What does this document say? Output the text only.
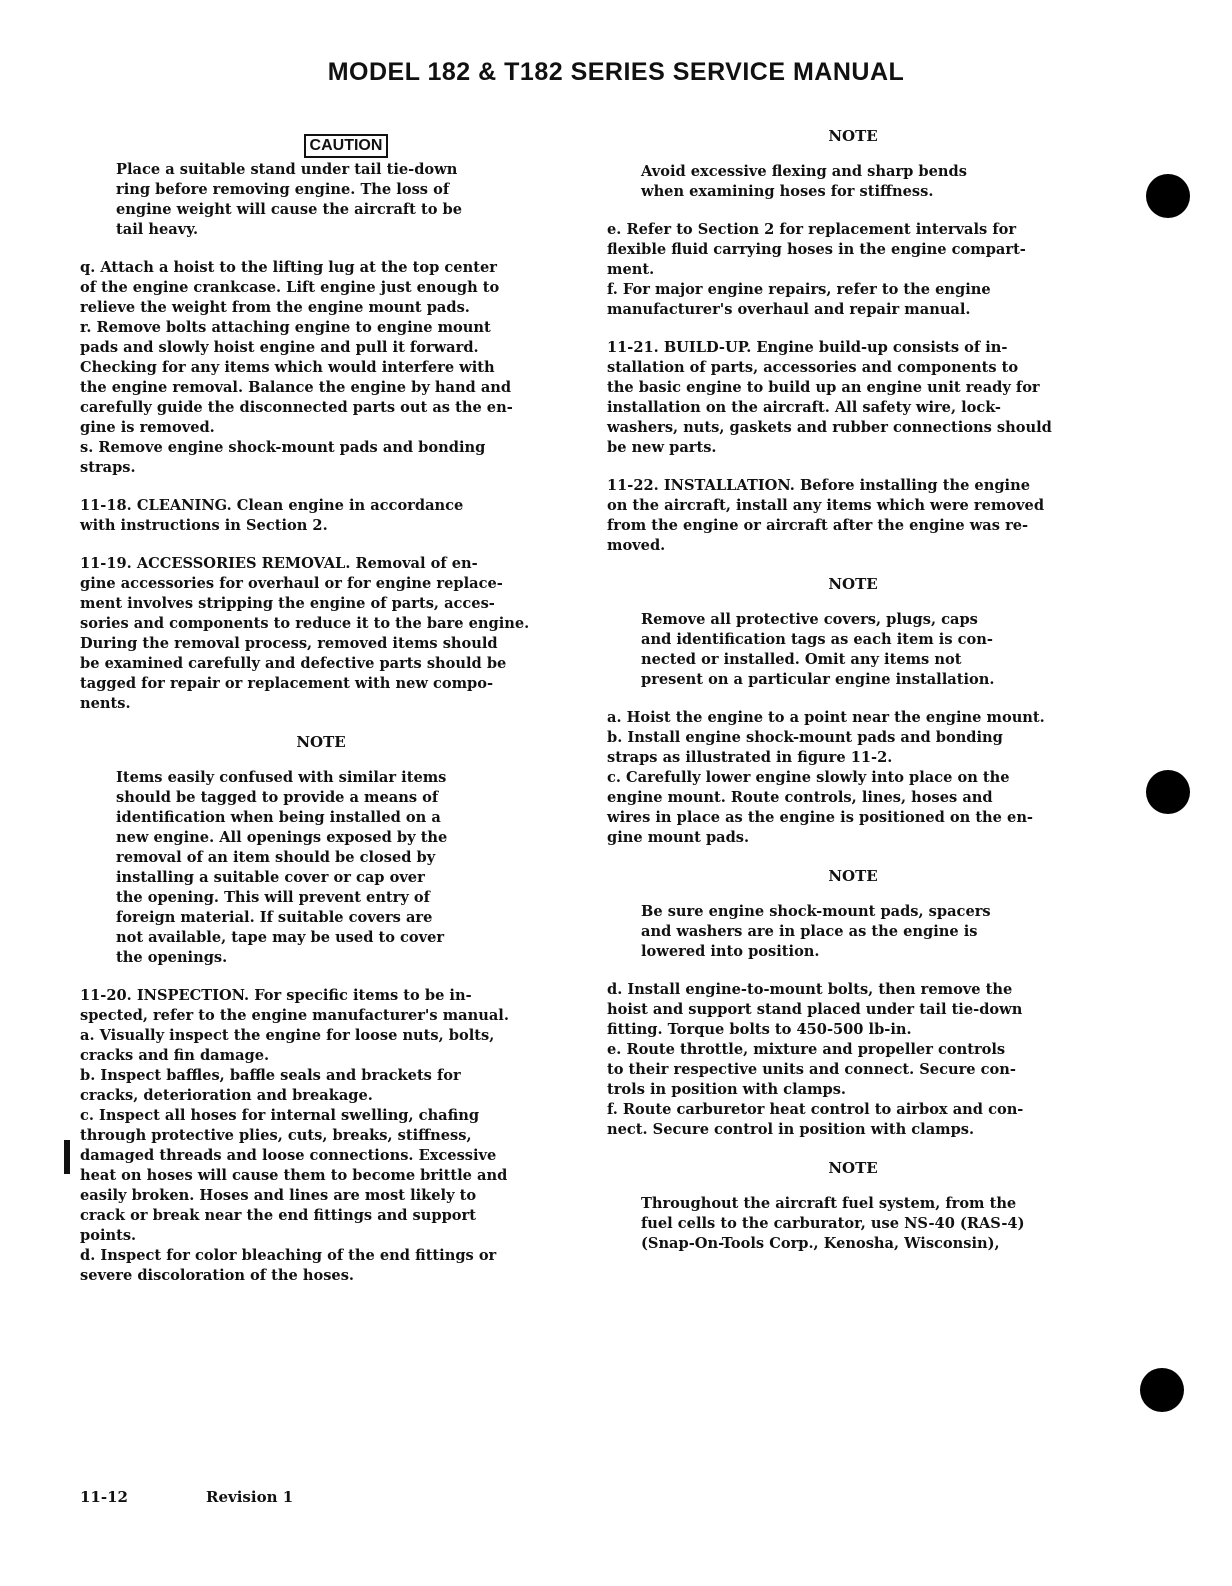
MODEL 182 & T182 SERIES SERVICE MANUAL
CAUTION
Place a suitable stand under tail tie-down
ring before removing engine. The loss of
engine weight will cause the aircraft to be
tail heavy.
q. Attach a hoist to the lifting lug at the top center
of the engine crankcase. Lift engine just enough to
relieve the weight from the engine mount pads.
r. Remove bolts attaching engine to engine mount
pads and slowly hoist engine and pull it forward.
Checking for any items which would interfere with
the engine removal. Balance the engine by hand and
carefully guide the disconnected parts out as the en-
gine is removed.
s. Remove engine shock-mount pads and bonding
straps.
11-18. CLEANING. Clean engine in accordance
with instructions in Section 2.
11-19. ACCESSORIES REMOVAL. Removal of en-
gine accessories for overhaul or for engine replace-
ment involves stripping the engine of parts, acces-
sories and components to reduce it to the bare engine.
During the removal process, removed items should
be examined carefully and defective parts should be
tagged for repair or replacement with new compo-
nents.
NOTE
Items easily confused with similar items
should be tagged to provide a means of
identification when being installed on a
new engine. All openings exposed by the
removal of an item should be closed by
installing a suitable cover or cap over
the opening. This will prevent entry of
foreign material. If suitable covers are
not available, tape may be used to cover
the openings.
11-20. INSPECTION. For specific items to be in-
spected, refer to the engine manufacturer's manual.
a. Visually inspect the engine for loose nuts, bolts,
cracks and fin damage.
b. Inspect baffles, baffle seals and brackets for
cracks, deterioration and breakage.
c. Inspect all hoses for internal swelling, chafing
through protective plies, cuts, breaks, stiffness,
damaged threads and loose connections. Excessive
heat on hoses will cause them to become brittle and
easily broken. Hoses and lines are most likely to
crack or break near the end fittings and support
points.
d. Inspect for color bleaching of the end fittings or
severe discoloration of the hoses.
NOTE
Avoid excessive flexing and sharp bends
when examining hoses for stiffness.
e. Refer to Section 2 for replacement intervals for
flexible fluid carrying hoses in the engine compart-
ment.
f. For major engine repairs, refer to the engine
manufacturer's overhaul and repair manual.
11-21. BUILD-UP. Engine build-up consists of in-
stallation of parts, accessories and components to
the basic engine to build up an engine unit ready for
installation on the aircraft. All safety wire, lock-
washers, nuts, gaskets and rubber connections should
be new parts.
11-22. INSTALLATION. Before installing the engine
on the aircraft, install any items which were removed
from the engine or aircraft after the engine was re-
moved.
NOTE
Remove all protective covers, plugs, caps
and identification tags as each item is con-
nected or installed. Omit any items not
present on a particular engine installation.
a. Hoist the engine to a point near the engine mount.
b. Install engine shock-mount pads and bonding
straps as illustrated in figure 11-2.
c. Carefully lower engine slowly into place on the
engine mount. Route controls, lines, hoses and
wires in place as the engine is positioned on the en-
gine mount pads.
NOTE
Be sure engine shock-mount pads, spacers
and washers are in place as the engine is
lowered into position.
d. Install engine-to-mount bolts, then remove the
hoist and support stand placed under tail tie-down
fitting. Torque bolts to 450-500 lb-in.
e. Route throttle, mixture and propeller controls
to their respective units and connect. Secure con-
trols in position with clamps.
f. Route carburetor heat control to airbox and con-
nect. Secure control in position with clamps.
NOTE
Throughout the aircraft fuel system, from the
fuel cells to the carburator, use NS-40 (RAS-4)
(Snap-On-Tools Corp., Kenosha, Wisconsin),
11-12	Revision 1
